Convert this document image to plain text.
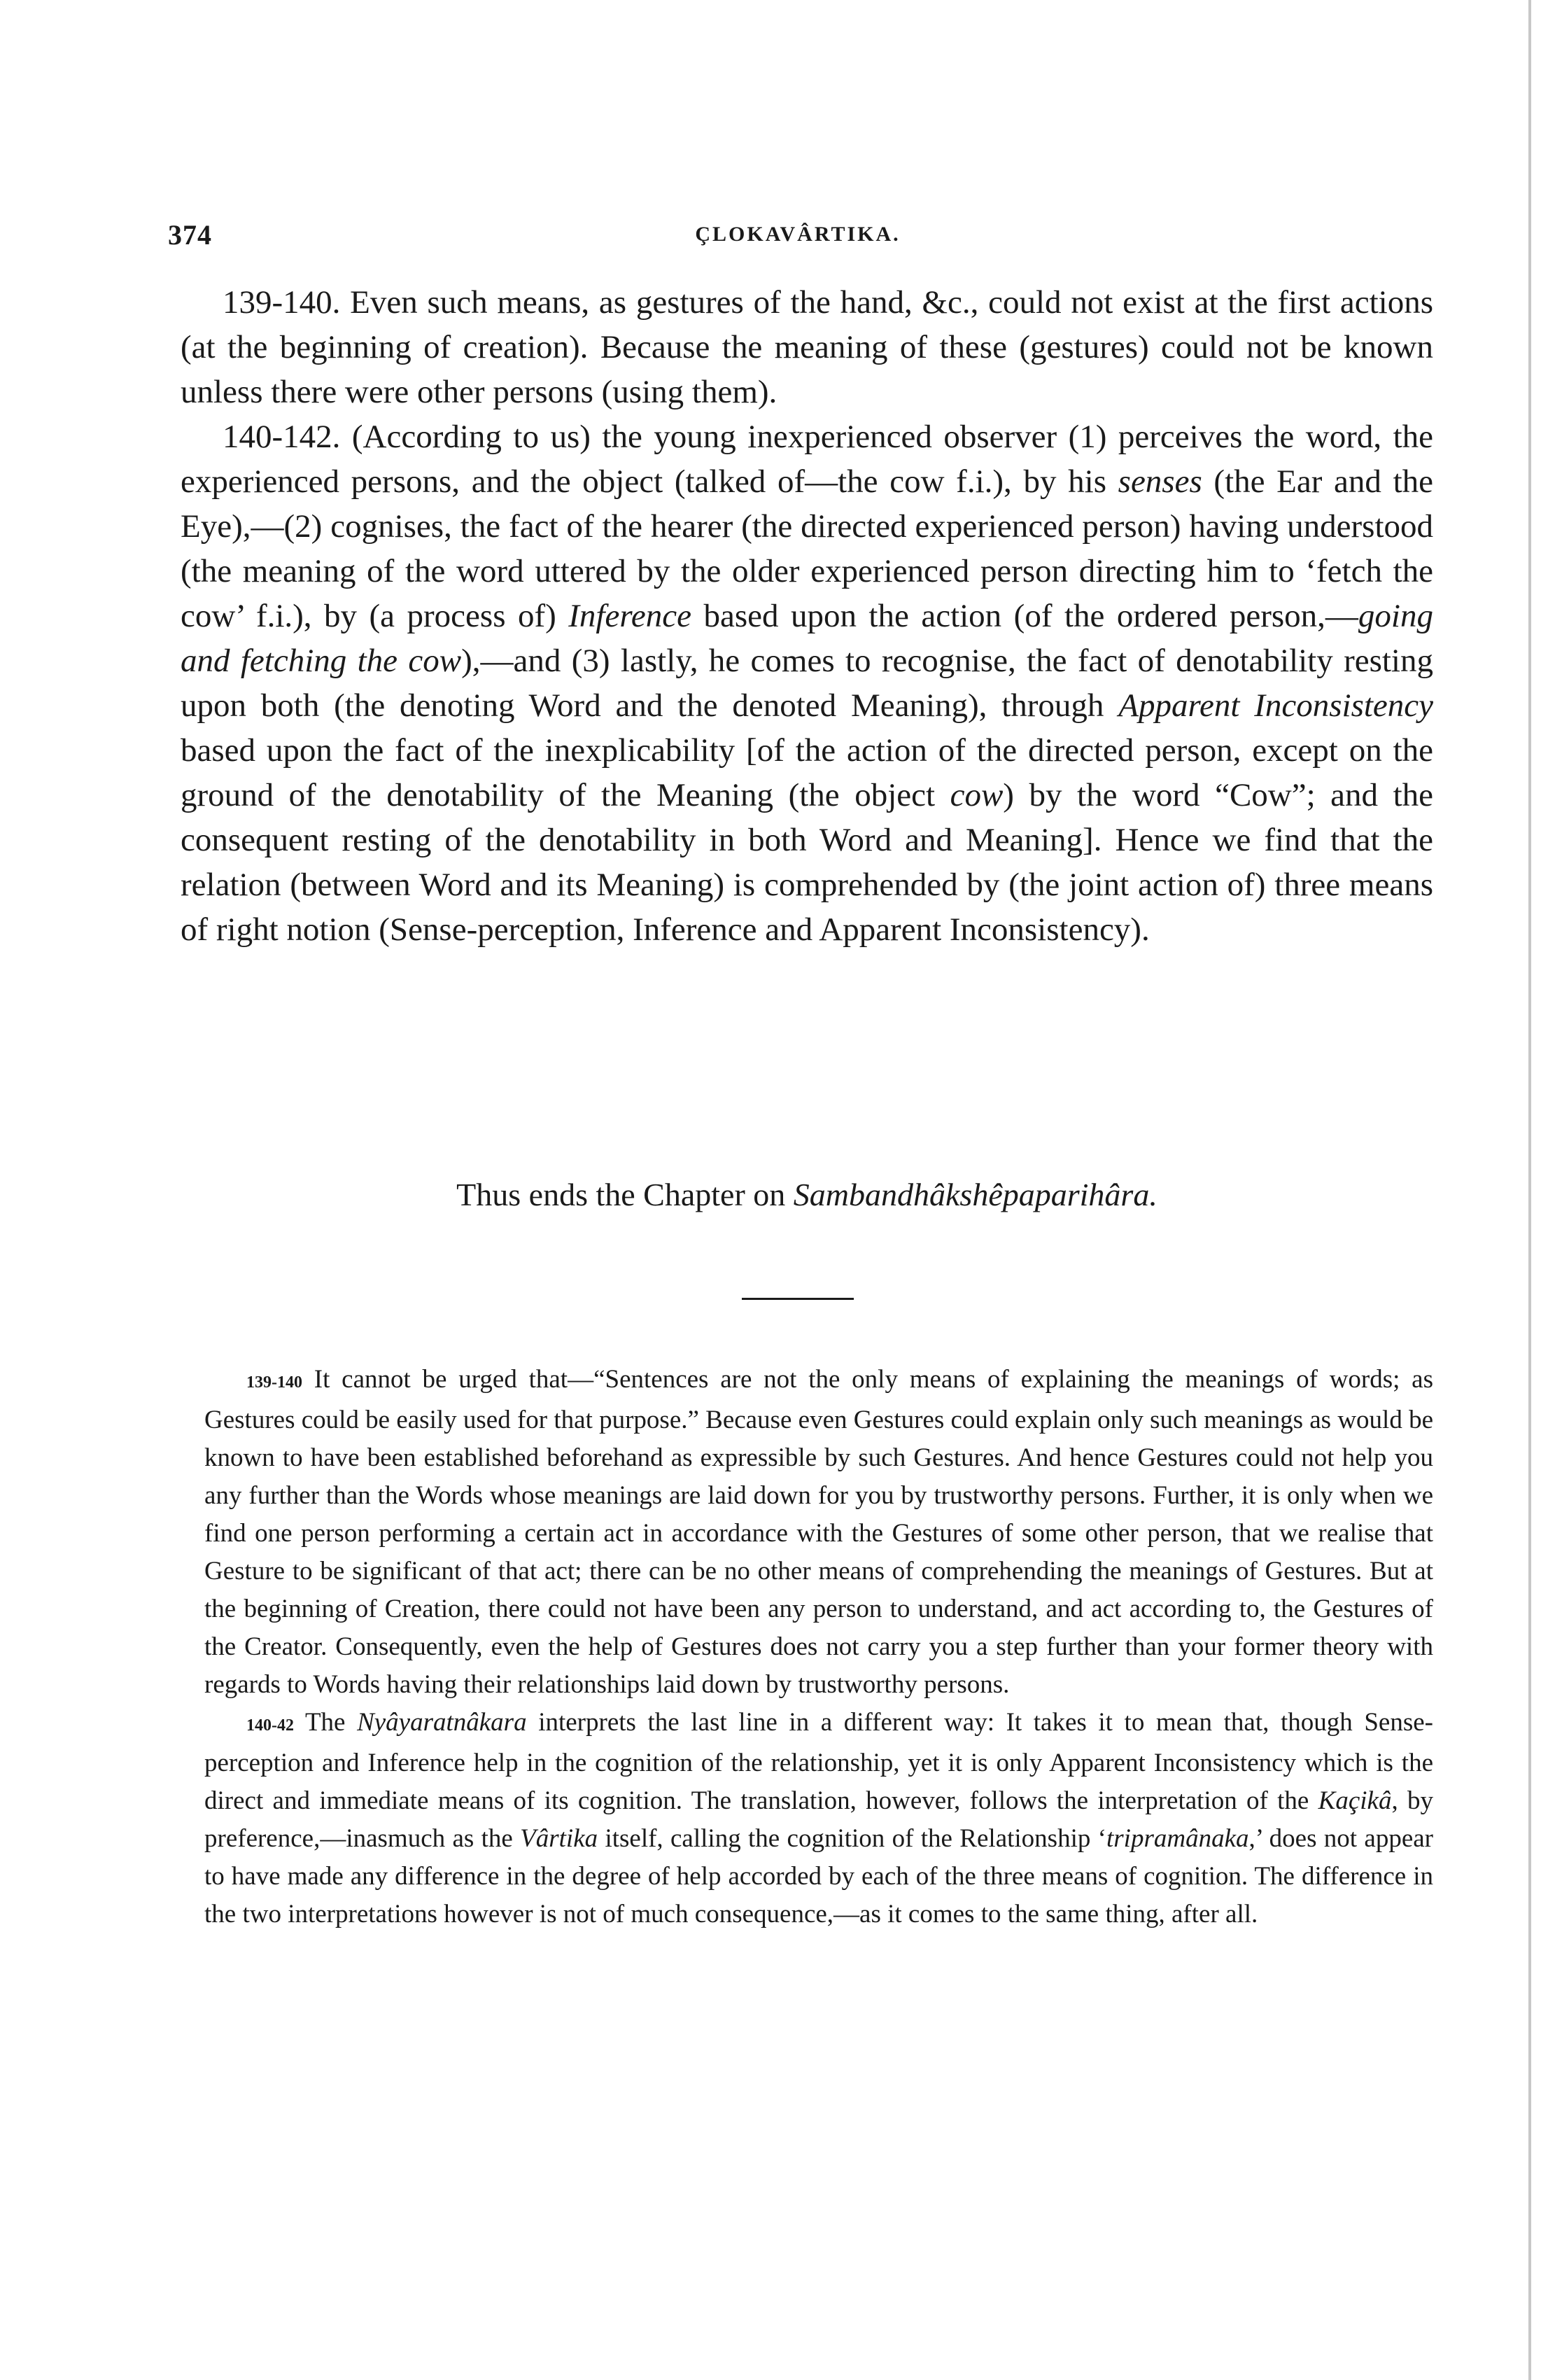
374	ÇLOKAVÂRTIKA.

139-140. Even such means, as gestures of the hand, &c., could not exist at the first actions (at the beginning of creation). Because the meaning of these (gestures) could not be known unless there were other persons (using them).

140-142. (According to us) the young inexperienced observer (1) perceives the word, the experienced persons, and the object (talked of—the cow f.i.), by his senses (the Ear and the Eye),—(2) cognises, the fact of the hearer (the directed experienced person) having understood (the meaning of the word uttered by the older experienced person directing him to ‘fetch the cow’ f.i.), by (a process of) Inference based upon the action (of the ordered person,—going and fetching the cow),—and (3) lastly, he comes to recognise, the fact of denotability resting upon both (the denoting Word and the denoted Meaning), through Apparent Inconsistency based upon the fact of the inexplicability [of the action of the directed person, except on the ground of the denotability of the Meaning (the object cow) by the word “Cow”; and the consequent resting of the denotability in both Word and Meaning]. Hence we find that the relation (between Word and its Meaning) is comprehended by (the joint action of) three means of right notion (Sense-perception, Inference and Apparent Inconsistency).

Thus ends the Chapter on Sambandhâkshêpaparihâra.

139-140 It cannot be urged that—“Sentences are not the only means of explaining the meanings of words; as Gestures could be easily used for that purpose.” Because even Gestures could explain only such meanings as would be known to have been established beforehand as expressible by such Gestures. And hence Gestures could not help you any further than the Words whose meanings are laid down for you by trustworthy persons. Further, it is only when we find one person performing a certain act in accordance with the Gestures of some other person, that we realise that Gesture to be significant of that act; there can be no other means of comprehending the meanings of Gestures. But at the beginning of Creation, there could not have been any person to understand, and act according to, the Gestures of the Creator. Consequently, even the help of Gestures does not carry you a step further than your former theory with regards to Words having their relationships laid down by trustworthy persons.

140-42 The Nyâyaratnâkara interprets the last line in a different way: It takes it to mean that, though Sense-perception and Inference help in the cognition of the relationship, yet it is only Apparent Inconsistency which is the direct and immediate means of its cognition. The translation, however, follows the interpretation of the Kaçikâ, by preference,—inasmuch as the Vârtika itself, calling the cognition of the Relationship ‘tripramânaka,’ does not appear to have made any difference in the degree of help accorded by each of the three means of cognition. The difference in the two interpretations however is not of much consequence,—as it comes to the same thing, after all.
